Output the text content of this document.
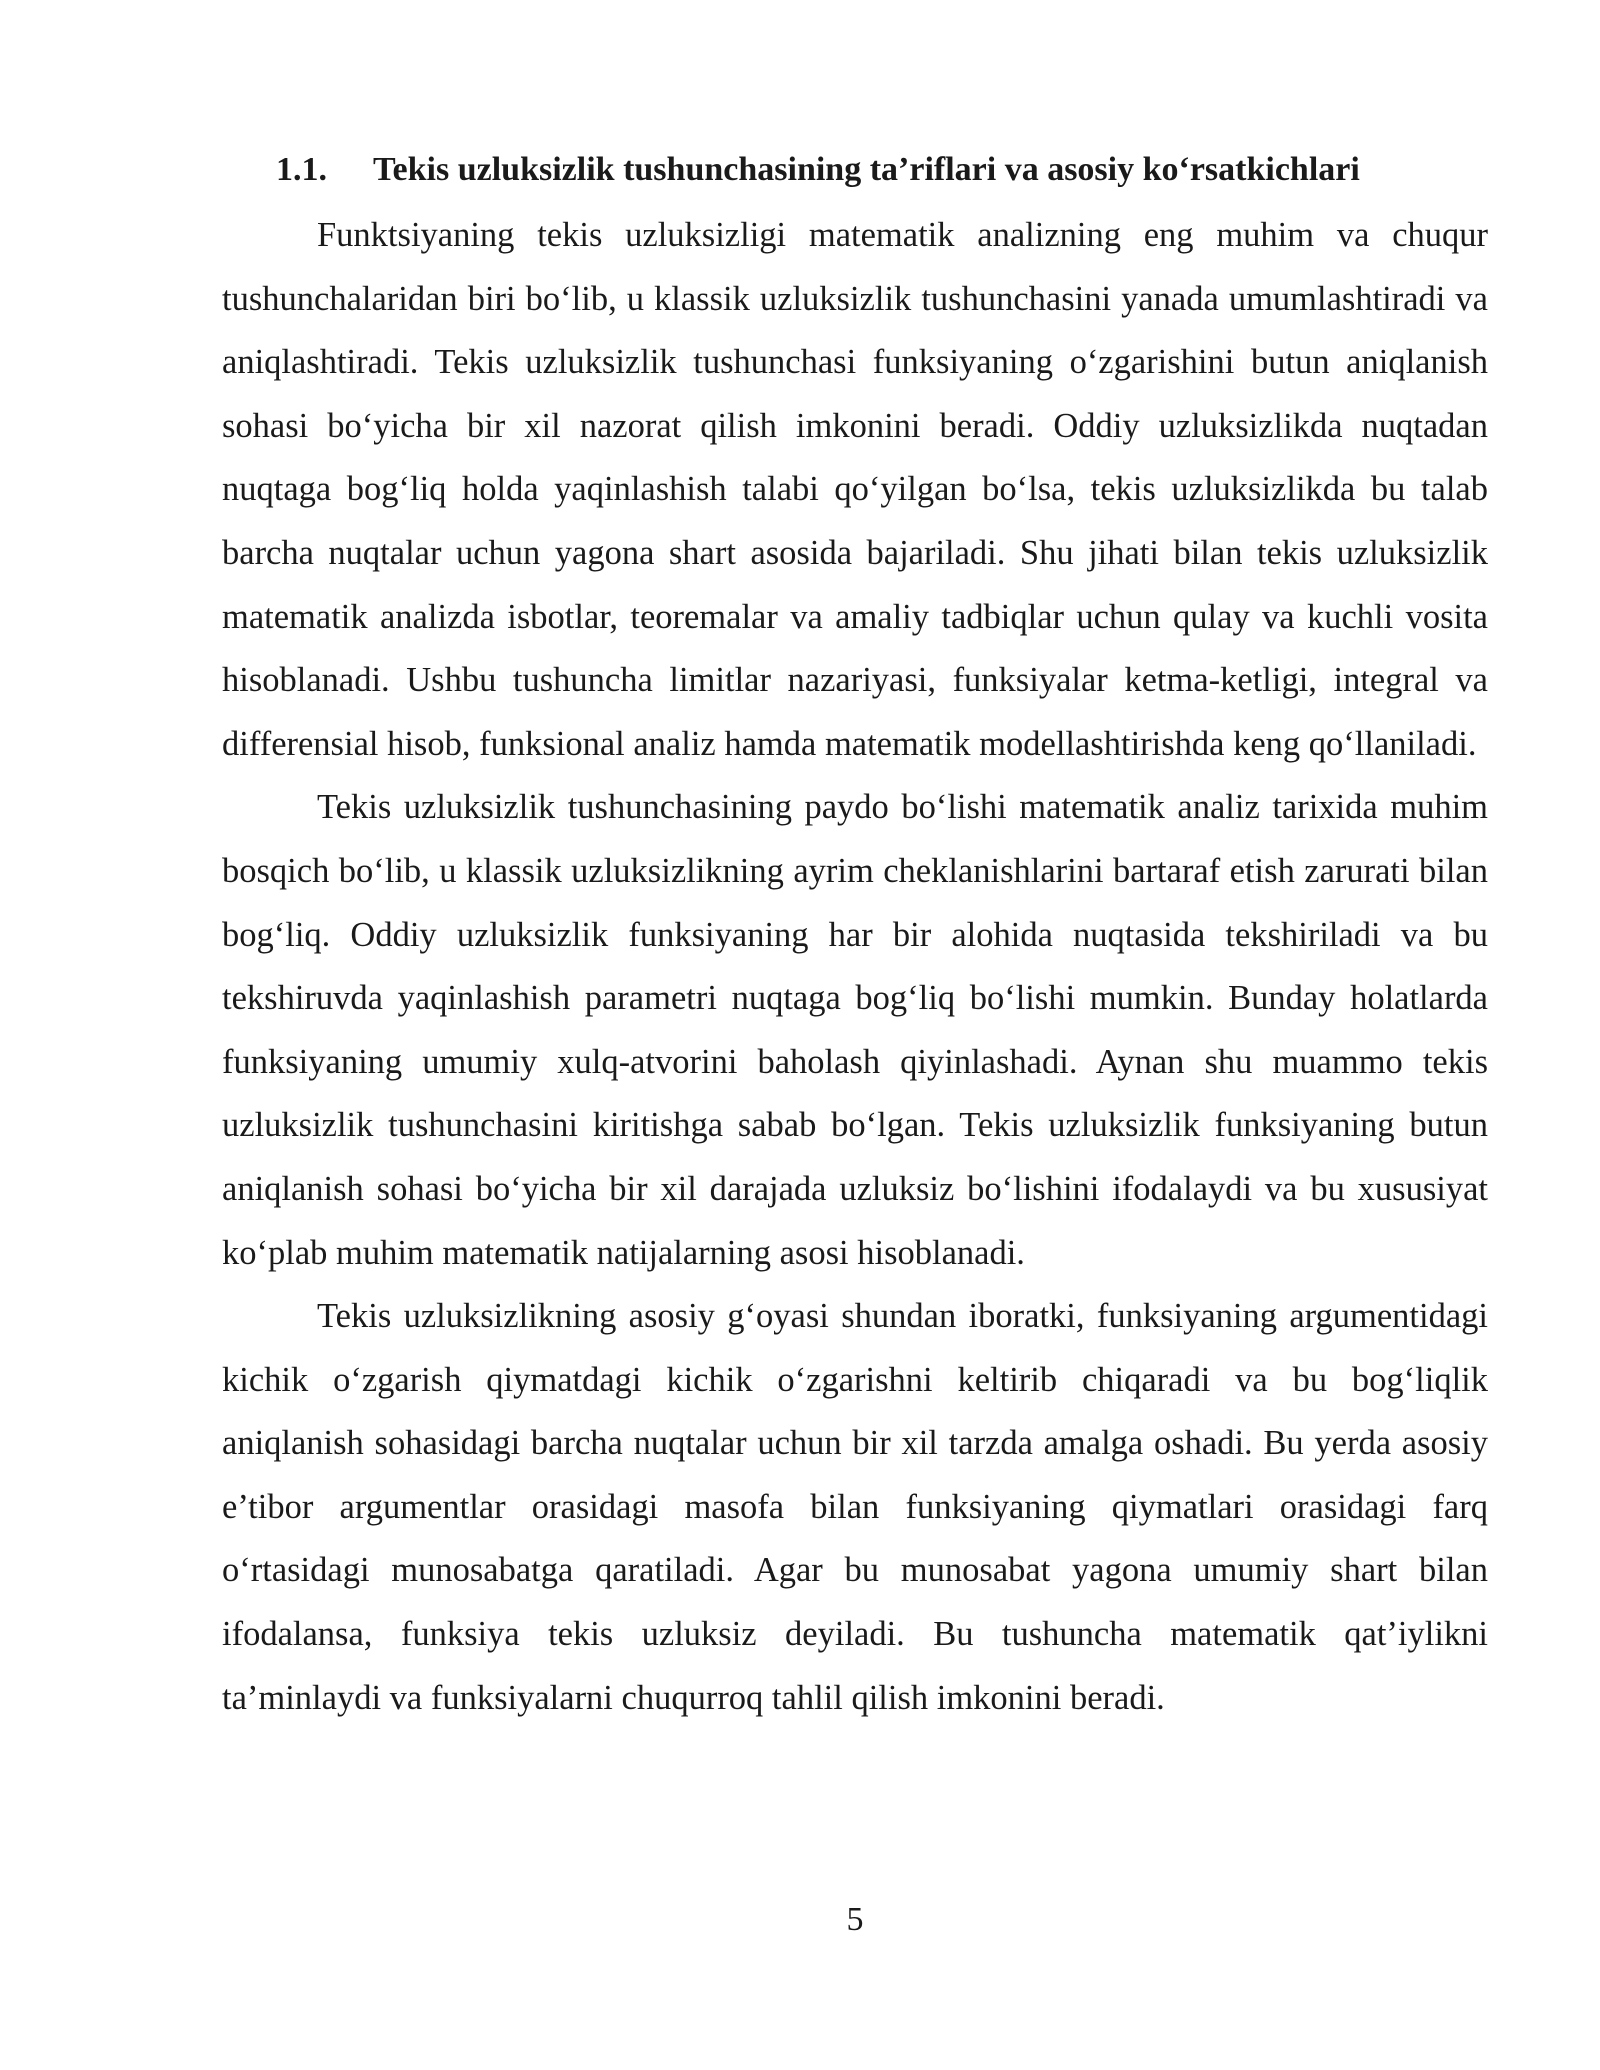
1.1. Tekis uzluksizlik tushunchasining ta’riflari va asosiy ko‘rsatkichlari

Funktsiyaning tekis uzluksizligi matematik analizning eng muhim va chuqur tushunchalaridan biri bo‘lib, u klassik uzluksizlik tushunchasini yanada umumlashtiradi va aniqlashtiradi. Tekis uzluksizlik tushunchasi funksiyaning o‘zgarishini butun aniqlanish sohasi bo‘yicha bir xil nazorat qilish imkonini beradi. Oddiy uzluksizlikda nuqtadan nuqtaga bog‘liq holda yaqinlashish talabi qo‘yilgan bo‘lsa, tekis uzluksizlikda bu talab barcha nuqtalar uchun yagona shart asosida bajariladi. Shu jihati bilan tekis uzluksizlik matematik analizda isbotlar, teoremalar va amaliy tadbiqlar uchun qulay va kuchli vosita hisoblanadi. Ushbu tushuncha limitlar nazariyasi, funksiyalar ketma-ketligi, integral va differensial hisob, funksional analiz hamda matematik modellashtirishda keng qo‘llaniladi.

Tekis uzluksizlik tushunchasining paydo bo‘lishi matematik analiz tarixida muhim bosqich bo‘lib, u klassik uzluksizlikning ayrim cheklanishlarini bartaraf etish zarurati bilan bog‘liq. Oddiy uzluksizlik funksiyaning har bir alohida nuqtasida tekshiriladi va bu tekshiruvda yaqinlashish parametri nuqtaga bog‘liq bo‘lishi mumkin. Bunday holatlarda funksiyaning umumiy xulq-atvorini baholash qiyinlashadi. Aynan shu muammo tekis uzluksizlik tushunchasini kiritishga sabab bo‘lgan. Tekis uzluksizlik funksiyaning butun aniqlanish sohasi bo‘yicha bir xil darajada uzluksiz bo‘lishini ifodalaydi va bu xususiyat ko‘plab muhim matematik natijalarning asosi hisoblanadi.

Tekis uzluksizlikning asosiy g‘oyasi shundan iboratki, funksiyaning argumentidagi kichik o‘zgarish qiymatdagi kichik o‘zgarishni keltirib chiqaradi va bu bog‘liqlik aniqlanish sohasidagi barcha nuqtalar uchun bir xil tarzda amalga oshadi. Bu yerda asosiy e’tibor argumentlar orasidagi masofa bilan funksiyaning qiymatlari orasidagi farq o‘rtasidagi munosabatga qaratiladi. Agar bu munosabat yagona umumiy shart bilan ifodalansa, funksiya tekis uzluksiz deyiladi. Bu tushuncha matematik qat’iylikni ta’minlaydi va funksiyalarni chuqurroq tahlil qilish imkonini beradi.

5
